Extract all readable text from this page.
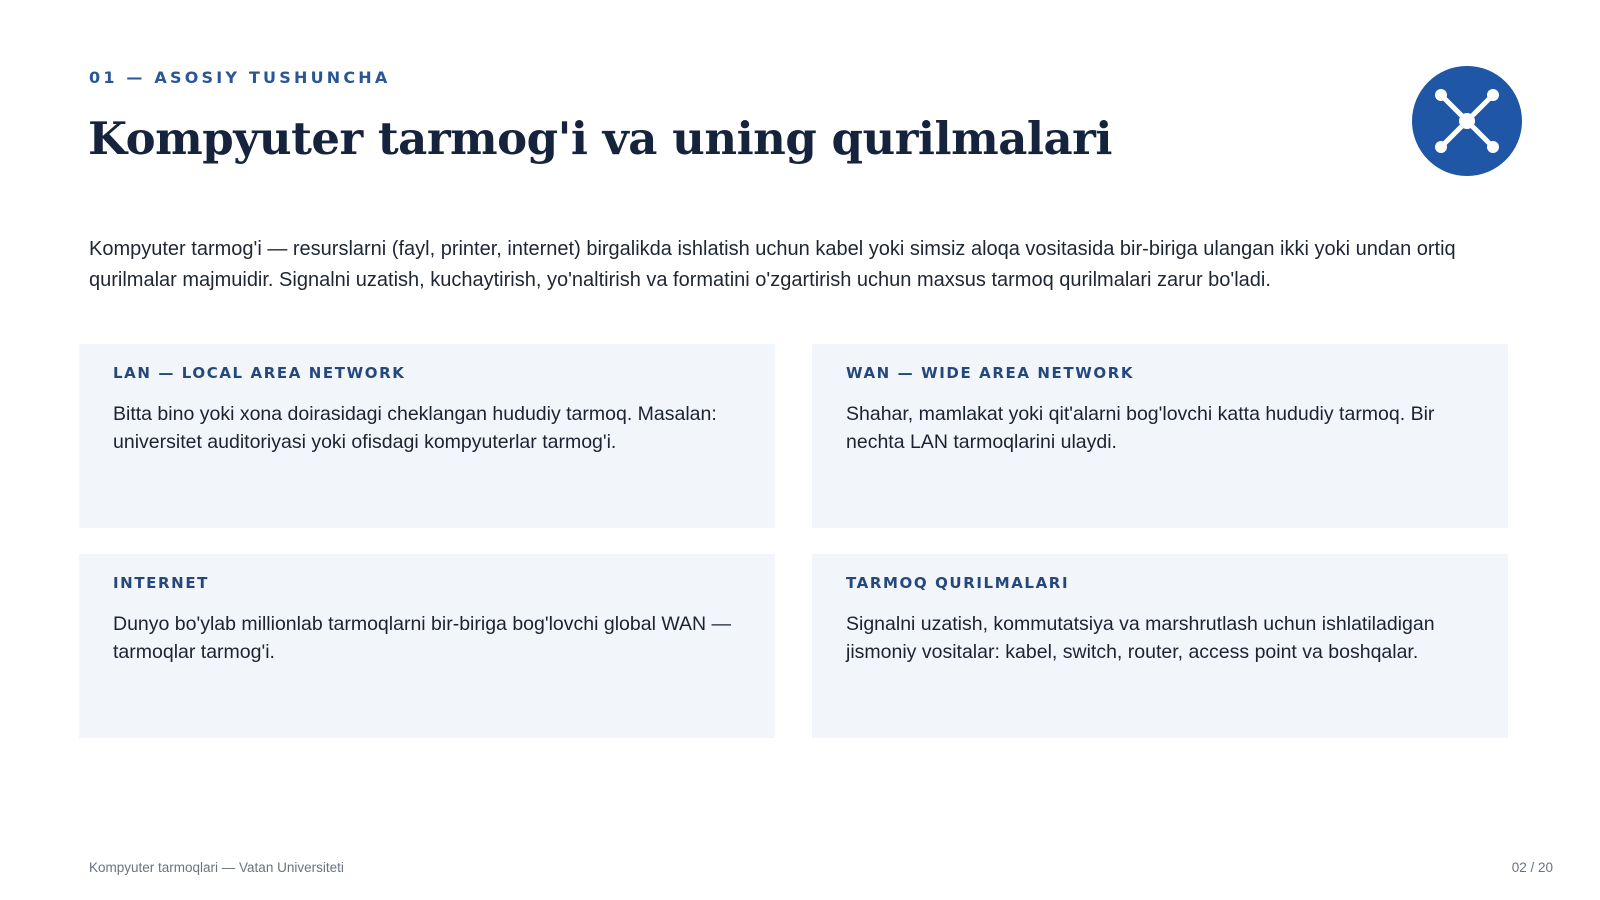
01 — ASOSIY TUSHUNCHA
Kompyuter tarmog'i va uning qurilmalari

Kompyuter tarmog'i — resurslarni (fayl, printer, internet) birgalikda ishlatish uchun kabel yoki simsiz aloqa vositasida bir-biriga ulangan ikki yoki undan ortiq qurilmalar majmuidir. Signalni uzatish, kuchaytirish, yo'naltirish va formatini o'zgartirish uchun maxsus tarmoq qurilmalari zarur bo'ladi.

LAN — LOCAL AREA NETWORK
Bitta bino yoki xona doirasidagi cheklangan hududiy tarmoq. Masalan: universitet auditoriyasi yoki ofisdagi kompyuterlar tarmog'i.
WAN — WIDE AREA NETWORK
Shahar, mamlakat yoki qit'alarni bog'lovchi katta hududiy tarmoq. Bir nechta LAN tarmoqlarini ulaydi.
INTERNET
Dunyo bo'ylab millionlab tarmoqlarni bir-biriga bog'lovchi global WAN — tarmoqlar tarmog'i.
TARMOQ QURILMALARI
Signalni uzatish, kommutatsiya va marshrutlash uchun ishlatiladigan jismoniy vositalar: kabel, switch, router, access point va boshqalar.
Kompyuter tarmoqlari — Vatan Universiteti	02 / 20
